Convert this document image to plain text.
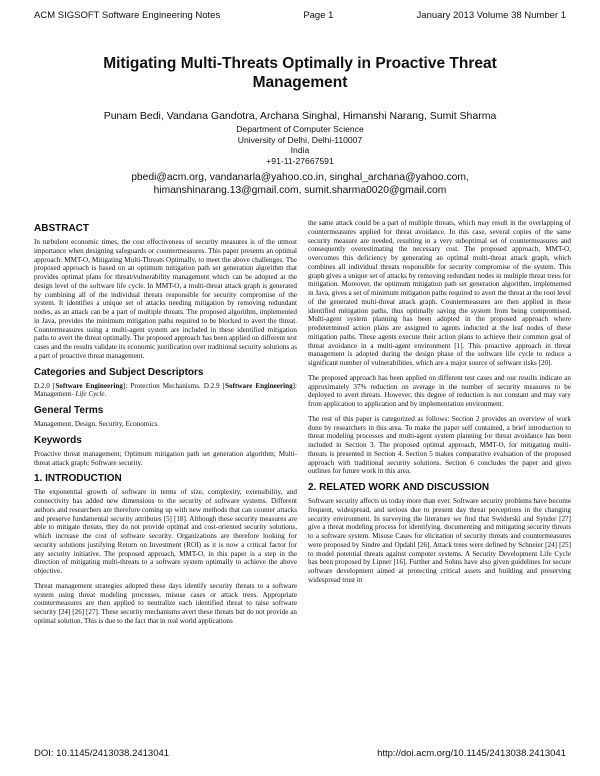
ACM SIGSOFT Software Engineering Notes	Page 1	January 2013 Volume 38 Number 1
Mitigating Multi-Threats Optimally in Proactive Threat Management
Punam Bedi, Vandana Gandotra, Archana Singhal, Himanshi Narang, Sumit Sharma
Department of Computer Science
University of Delhi, Delhi-110007
India
+91-11-27667591
pbedi@acm.org, vandanarla@yahoo.co.in, singhal_archana@yahoo.com,
himanshinarang.13@gmail.com, sumit.sharma0020@gmail.com
ABSTRACT

In turbulent economic times, the cost effectiveness of security measures is of the utmost importance when designing safeguards or countermeasures. This paper presents an optimal approach: MMT-O, Mitigating Multi-Threats Optimally, to meet the above challenges. The proposed approach is based on an optimum mitigation path set generation algorithm that provides optimal plans for threat/vulnerability management which can be adopted at the design level of the software life cycle. In MMT-O, a multi-threat attack graph is generated by combining all of the individual threats responsible for security compromise of the system. It identifies a unique set of attacks needing mitigation by removing redundant nodes, as an attack can be a part of multiple threats. The proposed algorithm, implemented in Java, provides the minimum mitigation paths required to be blocked to avert the threat. Countermeasures using a multi-agent system are included in these identified mitigation paths to avert the threat optimally. The proposed approach has been applied on different test cases and the results validate its economic justification over traditional security solutions as a part of proactive threat management.

Categories and Subject Descriptors

D.2.0 [Software Engineering]: Protection Mechanisms. D.2.9 [Software Engineering]: Management- Life Cycle.

General Terms

Management, Design, Security, Economics.

Keywords

Proactive threat management; Optimum mitigation path set generation algorithm; Multi-threat attack graph; Software security.

1. INTRODUCTION

The exponential growth of software in terms of size, complexity, extensibility, and connectivity has added new dimensions to the security of software systems. Different authors and researchers are therefore coming up with new methods that can counter attacks and preserve fundamental security attributes [5] [18]. Although these security measures are able to mitigate threats, they do not provide optimal and cost-oriented security solutions, which increase the cost of software security. Organizations are therefore looking for security solutions justifying Return on Investment (ROI) as it is now a critical factor for any security initiative. The proposed approach, MMT-O, in this paper is a step in the direction of mitigating multi-threats to a software system optimally to achieve the above objective.

Threat management strategies adopted these days identify security threats to a software system using threat modeling processes, misuse cases or attack trees. Appropriate countermeasures are then applied to neutralize each identified threat to raise software security [24] [26] [27]. These security mechanisms avert these threats but do not provide an optimal solution. This is due to the fact that in real world applications

the same attack could be a part of multiple threats, which may result in the overlapping of countermeasures applied for threat avoidance. In this case, several copies of the same security measure are needed, resulting in a very suboptimal set of countermeasures and consequently overestimating the necessary cost. The proposed approach, MMT-O, overcomes this deficiency by generating an optimal multi-threat attack graph, which combines all individual threats responsible for security compromise of the system. This graph gives a unique set of attacks by removing redundant nodes in multiple threat trees for mitigation. Moreover, the optimum mitigation path set generation algorithm, implemented in Java, gives a set of minimum mitigation paths required to avert the threat at the root level of the generated multi-threat attack graph. Countermeasures are then applied in these identified mitigation paths, thus optimally saving the system from being compromised. Multi-agent system planning has been adopted in the proposed approach where predetermined action plans are assigned to agents inducted at the leaf nodes of these mitigation paths. These agents execute their action plans to achieve their common goal of threat avoidance in a multi-agent environment [1]. This proactive approach in threat management is adopted during the design phase of the software life cycle to reduce a significant number of vulnerabilities, which are a major source of software risks [20].

The proposed approach has been applied on different test cases and our results indicate an approximately 37% reduction on average in the number of security measures to be deployed to avert threats. However, this degree of reduction is not constant and may vary from application to application and by implementation environment.

The rest of this paper is categorized as follows: Section 2 provides an overview of work done by researchers in this area. To make the paper self contained, a brief introduction to threat modeling processes and multi-agent system planning for threat avoidance has been included in Section 3. The proposed optimal approach, MMT-O, for mitigating multi-threats is presented in Section 4. Section 5 makes comparative evaluation of the proposed approach with traditional security solutions. Section 6 concludes the paper and gives outlines for future work in this area.

2. RELATED WORK AND DISCUSSION

Software security affects us today more than ever. Software security problems have become frequent, widespread, and serious due to present day threat perceptions in the changing security environment. In surveying the literature we find that Swiderski and Synder [27] give a threat modeling process for identifying, documenting and mitigating security threats to a software system. Misuse Cases for elicitation of security threats and countermeasures were proposed by Sindre and Opdahl [26]. Attack trees were defined by Schneier [24] [25] to model potential threats against computer systems. A Security Development Life Cycle has been proposed by Lipner [16]. Further and Sohns have also given guidelines for secure software development aimed at protecting critical assets and building and preserving widespread trust in

DOI: 10.1145/2413038.2413041	http://doi.acm.org/10.1145/2413038.2413041
